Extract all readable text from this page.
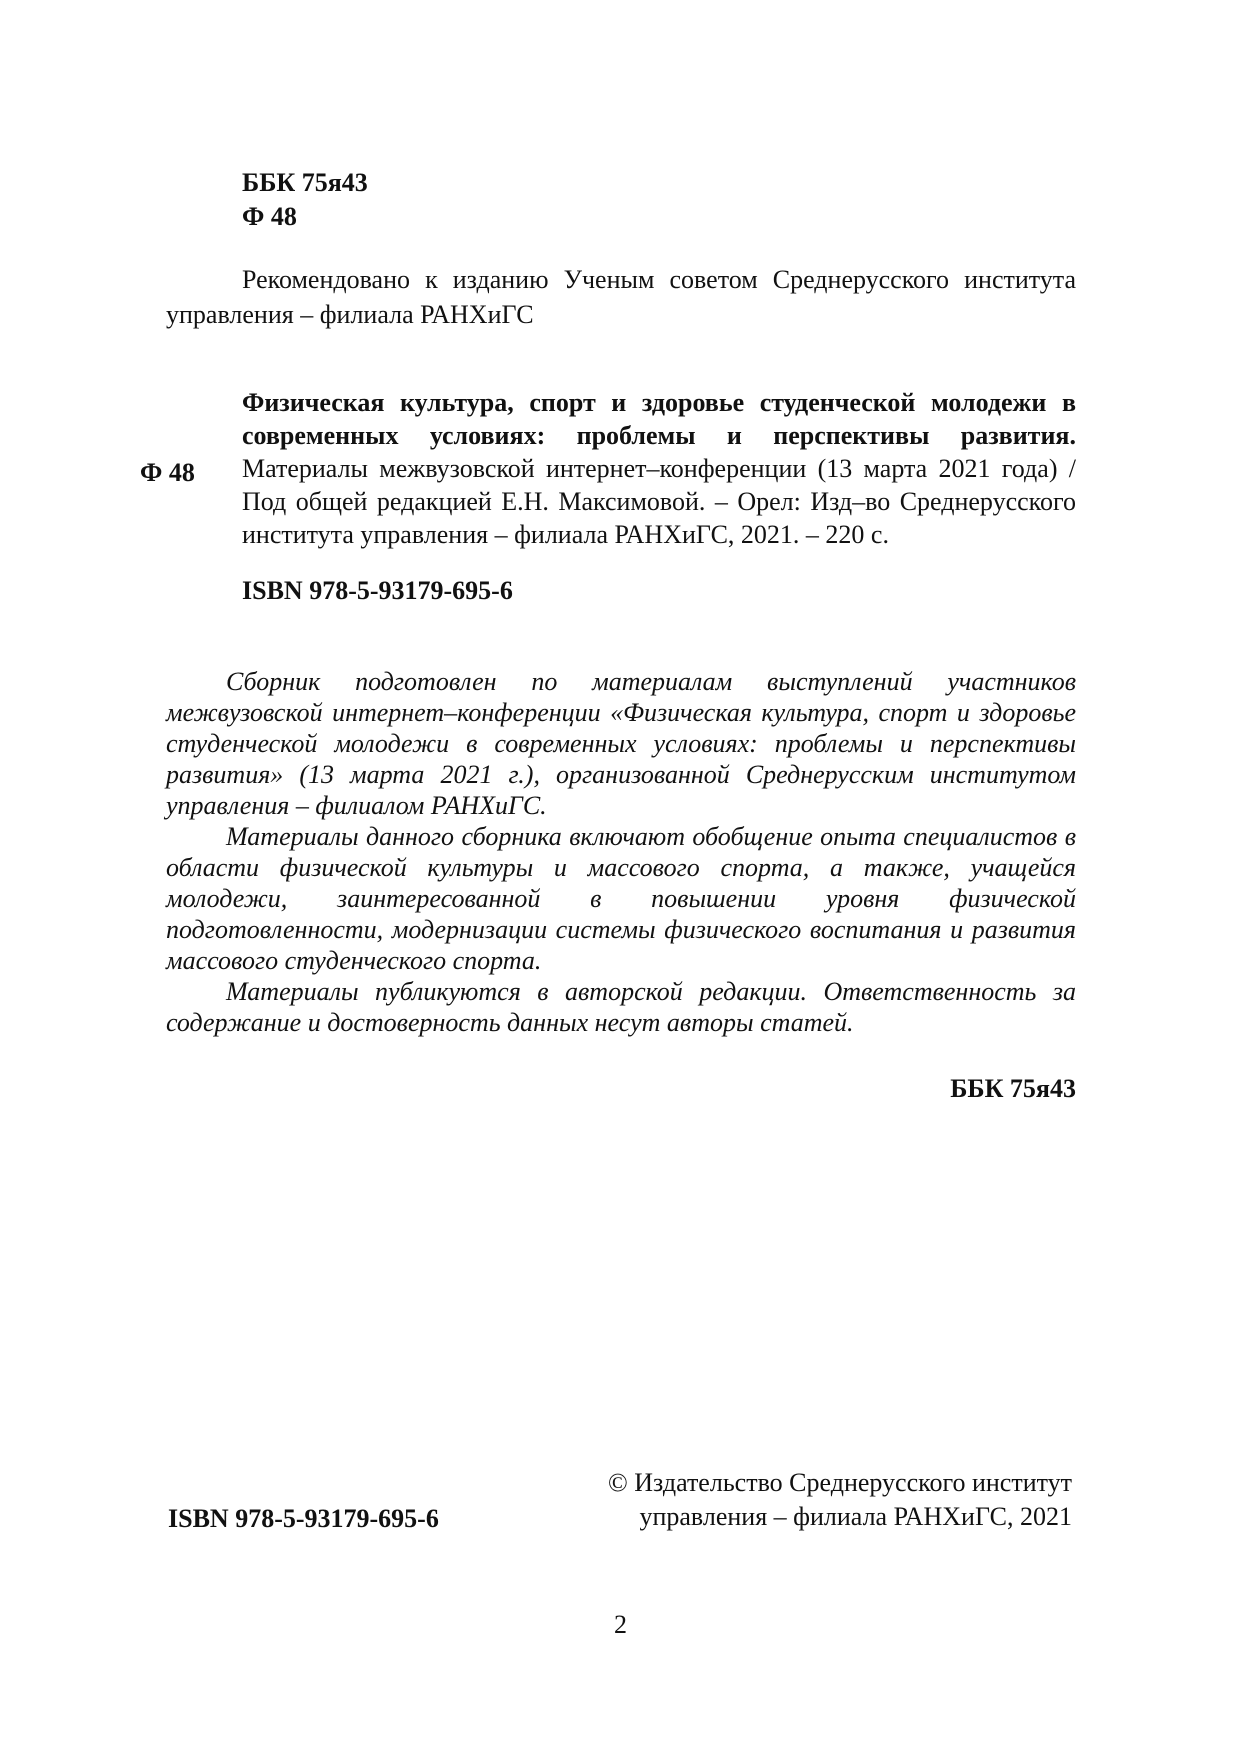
ББК 75я43
Ф 48
Рекомендовано к изданию Ученым советом Среднерусского института управления – филиала РАНХиГС
Ф 48
Физическая культура, спорт и здоровье студенческой молодежи в современных условиях: проблемы и перспективы развития. Материалы межвузовской интернет–конференции (13 марта 2021 года) / Под общей редакцией Е.Н. Максимовой. – Орел: Изд–во Среднерусского института управления – филиала РАНХиГС, 2021. – 220 с.
ISBN 978-5-93179-695-6

Сборник подготовлен по материалам выступлений участников межвузовской интернет–конференции «Физическая культура, спорт и здоровье студенческой молодежи в современных условиях: проблемы и перспективы развития» (13 марта 2021 г.), организованной Среднерусским институтом управления – филиалом РАНХиГС.

Материалы данного сборника включают обобщение опыта специалистов в области физической культуры и массового спорта, а также, учащейся молодежи, заинтересованной в повышении уровня физической подготовленности, модернизации системы физического воспитания и развития массового студенческого спорта.

Материалы публикуются в авторской редакции. Ответственность за содержание и достоверность данных несут авторы статей.

ББК 75я43
© Издательство Среднерусского институт
управления – филиала РАНХиГС, 2021
ISBN 978-5-93179-695-6
2
